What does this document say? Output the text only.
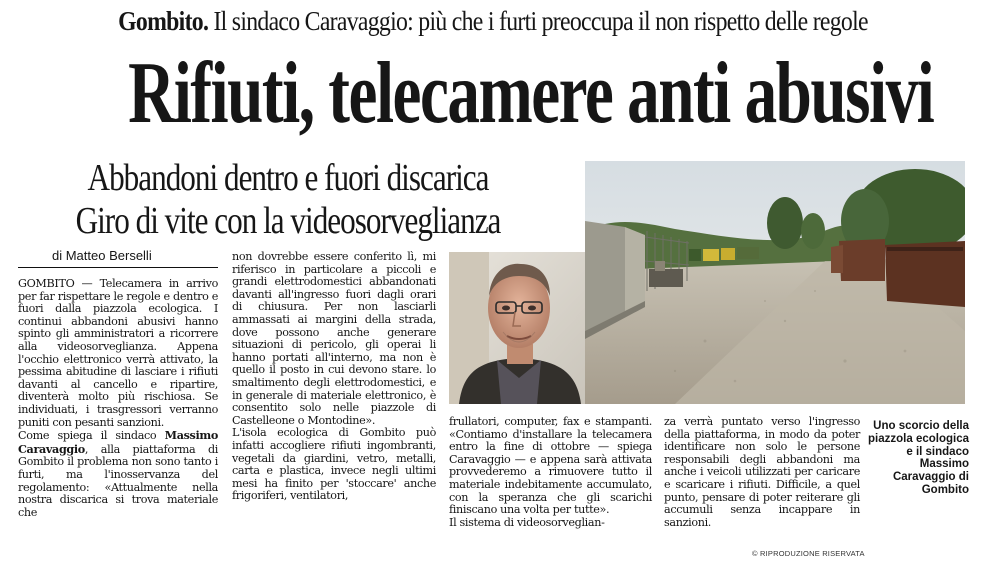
Gombito. Il sindaco Caravaggio: più che i furti preoccupa il non rispetto delle regole
Rifiuti, telecamere anti abusivi
Abbandoni dentro e fuori discarica
Giro di vite con la videosorveglianza
di Matteo Berselli

GOMBITO — Telecamera in arrivo per far rispettare le regole e dentro e fuori dalla piazzola ecologica. I continui abbandoni abusivi hanno spinto gli amministratori a ricorrere alla videosorveglianza. Appena l'occhio elettronico verrà attivato, la pessima abitudine di lasciare i rifiuti davanti al cancello e ripartire, diventerà molto più rischiosa. Se individuati, i trasgressori verranno puniti con pesanti sanzioni.

Come spiega il sindaco Massimo Caravaggio, alla piattaforma di Gombito il problema non sono tanto i furti, ma l'inosservanza del regolamento: «Attualmente nella nostra discarica si trova materiale che

non dovrebbe essere conferito lì, mi riferisco in particolare a piccoli e grandi elettrodomestici abbandonati davanti all'ingresso fuori dagli orari di chiusura. Per non lasciarli ammassati ai margini della strada, dove possono anche generare situazioni di pericolo, gli operai li hanno portati all'interno, ma non è quello il posto in cui devono stare. lo smaltimento degli elettrodomestici, e in generale di materiale elettronico, è consentito solo nelle piazzole di Castelleone o Montodine».

L'isola ecologica di Gombito può infatti accogliere rifiuti ingombranti, vegetali da giardini, vetro, metalli, carta e plastica, invece negli ultimi mesi ha finito per 'stoccare' anche frigoriferi, ventilatori,

frullatori, computer, fax e stampanti. «Contiamo d'installare la telecamera entro la fine di ottobre — spiega Caravaggio — e appena sarà attivata provvederemo a rimuovere tutto il materiale indebitamente accumulato, con la speranza che gli scarichi finiscano una volta per tutte».

Il sistema di videosorveglian-

za verrà puntato verso l'ingresso della piattaforma, in modo da poter identificare non solo le persone responsabili degli abbandoni ma anche i veicoli utilizzati per caricare e scaricare i rifiuti. Difficile, a quel punto, pensare di poter reiterare gli accumuli senza incappare in sanzioni.

Uno scorcio della piazzola ecologica e il sindaco Massimo Caravaggio di Gombito
© RIPRODUZIONE RISERVATA
